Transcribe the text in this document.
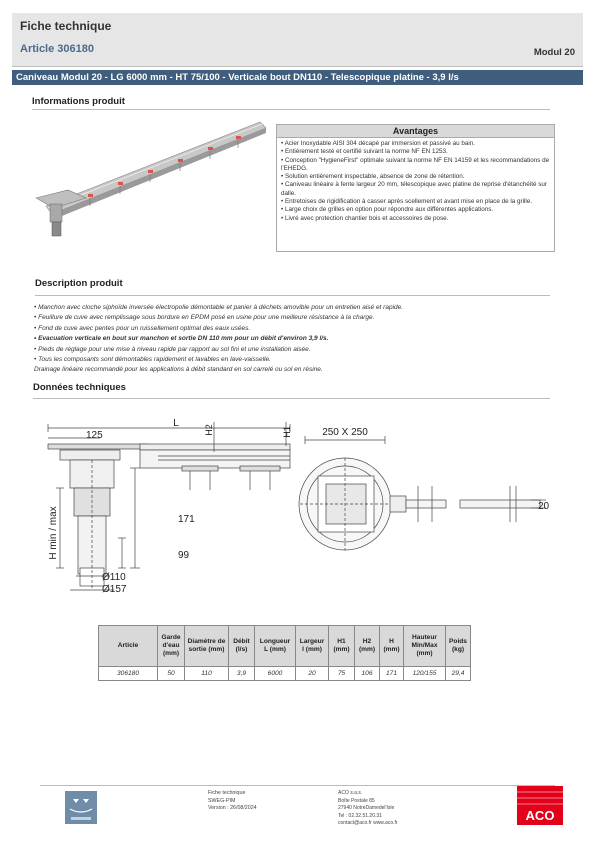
Fiche technique
Article 306180	Modul 20
Caniveau Modul 20 - LG 6000 mm - HT 75/100 - Verticale bout DN110 - Telescopique platine - 3,9 l/s
Informations produit
Avantages
• Acier Inoxydable AISI 304 décapé par immersion et passivé au bain.
• Entièrement testé et certifié suivant la norme NF EN 1253.
• Conception "HygieneFirst" optimale suivant la norme NF EN 14159 et les recommandations de l'EHEDG.
• Solution entièrement inspectable, absence de zone de rétention.
• Caniveau linéaire à fente largeur 20 mm, télescopique avec platine de reprise d'étanchéité sur dalle.
• Entretoises de rigidification à casser après scellement et avant mise en place de la grille.
• Large choix de grilles en option pour répondre aux différentes applications.
• Livré avec protection chantier bois et accessoires de pose.
Description produit
• Manchon avec cloche siphoïde inversée électropolie démontable et panier à déchets amovible pour un entretien aisé et rapide.
• Feuillure de cuve avec remplissage sous bordure en EPDM posé en usine pour une meilleure résistance à la charge.
• Fond de cuve avec pentes pour un ruissellement optimal des eaux usées.
• Evacuation verticale en bout sur manchon et sortie DN 110 mm pour un débit d'environ 3,9 l/s.
• Pieds de réglage pour une mise à niveau rapide par rapport au sol fini et une installation aisée.
• Tous les composants sont démontables rapidement et lavables en lave-vaisselle.
Drainage linéaire recommandé pour les applications à débit standard en sol carrelé ou sol en résine.
Données techniques
L
125	H2	H1
H min / max	171
99
Ø110
Ø157
250 X 250
20
Article	Garde d'eau (mm)	Diamètre de sortie (mm)	Débit (l/s)	Longueur L (mm)	Largeur l (mm)	H1 (mm)	H2 (mm)	H (mm)	Hauteur Min/Max (mm)	Poids (kg)
306180	50	110	3,9	6000	20	75	106	171	120/155	29,4
Fiche technique
SWEG-PIM
Version : 26/08/2024
ACO s.a.s.
Boîte Postale 85
27940 NotreDamedel'Isle
Tel : 02.32.51.20.31
contact@aco.fr www.aco.fr	ACO
